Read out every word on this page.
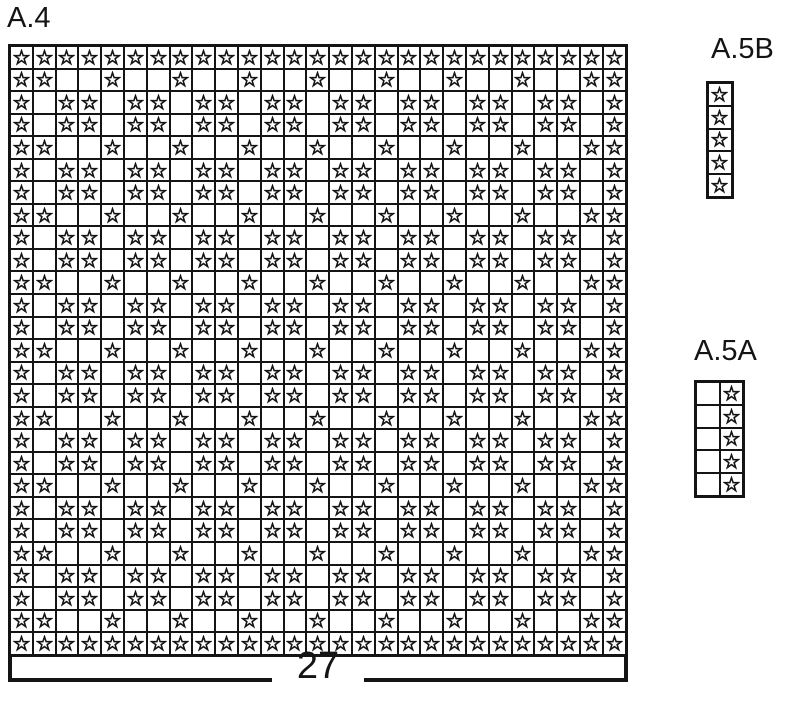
A.4
27
A.5B
A.5A
